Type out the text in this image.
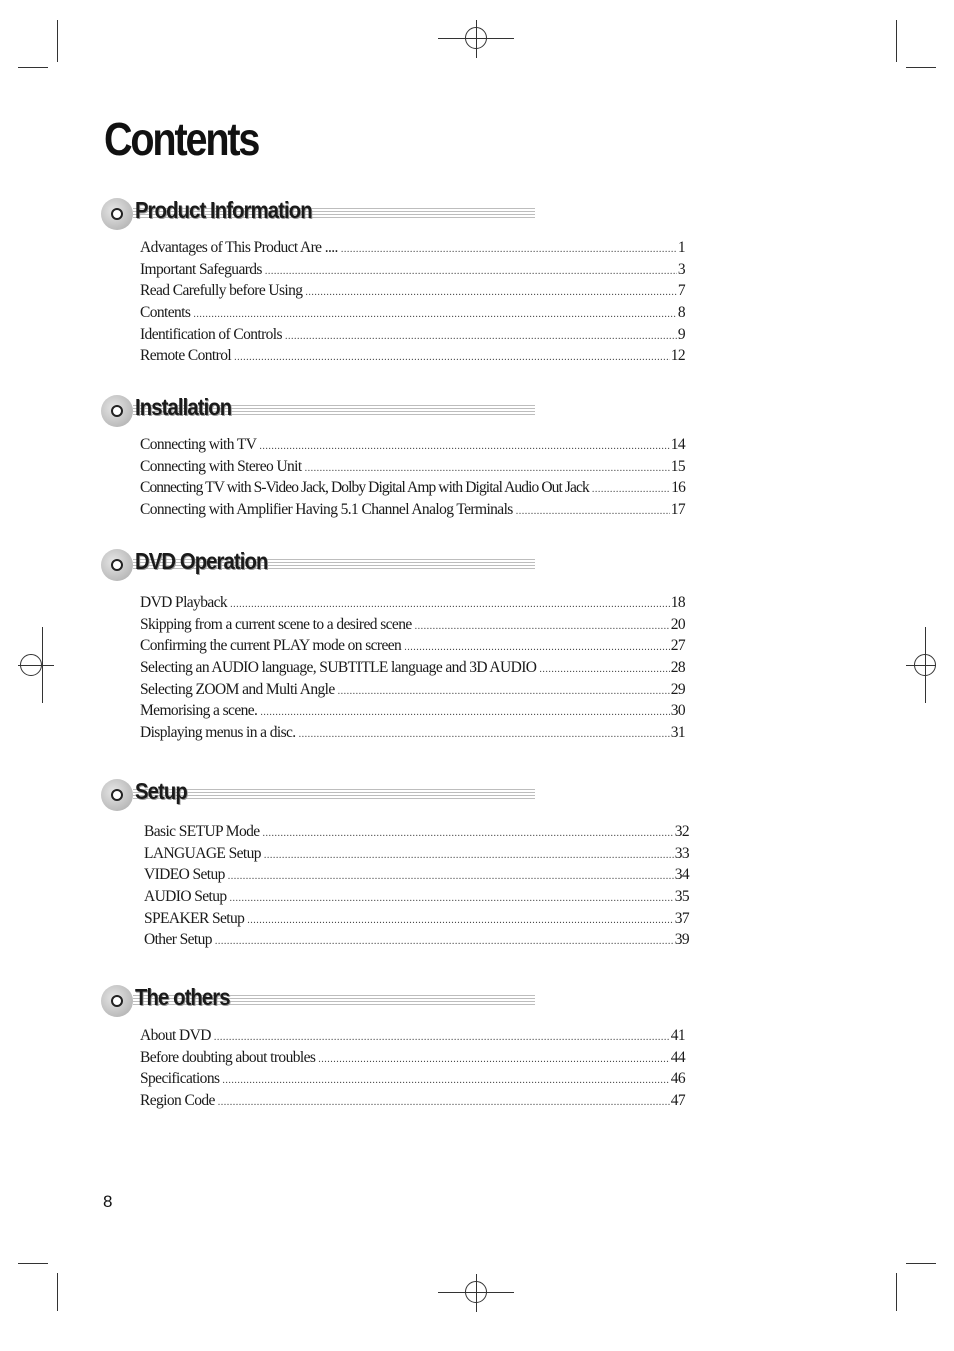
Contents
Product Information
Advantages of This Product Are .... .....	1
Important Safeguards .....	3
Read Carefully before Using .....	7
Contents .....	8
Identification of Controls .....	9
Remote Control .....	12
Installation
Connecting with TV .....	14
Connecting with Stereo Unit .....	15
Connecting TV with S-Video Jack, Dolby Digital Amp with Digital Audio Out Jack .....	16
Connecting with Amplifier Having 5.1 Channel Analog Terminals .....	17
DVD Operation
DVD Playback .....	18
Skipping from a current scene to a desired scene .....	20
Confirming the current PLAY mode on screen .....	27
Selecting an AUDIO language, SUBTITLE language and 3D AUDIO .....	28
Selecting ZOOM and Multi Angle .....	29
Memorising a scene. .....	30
Displaying menus in a disc. .....	31
Setup
Basic SETUP Mode .....	32
LANGUAGE Setup .....	33
VIDEO Setup .....	34
AUDIO Setup .....	35
SPEAKER Setup .....	37
Other Setup .....	39
The others
About DVD .....	41
Before doubting about troubles .....	44
Specifications .....	46
Region Code .....	47
8
